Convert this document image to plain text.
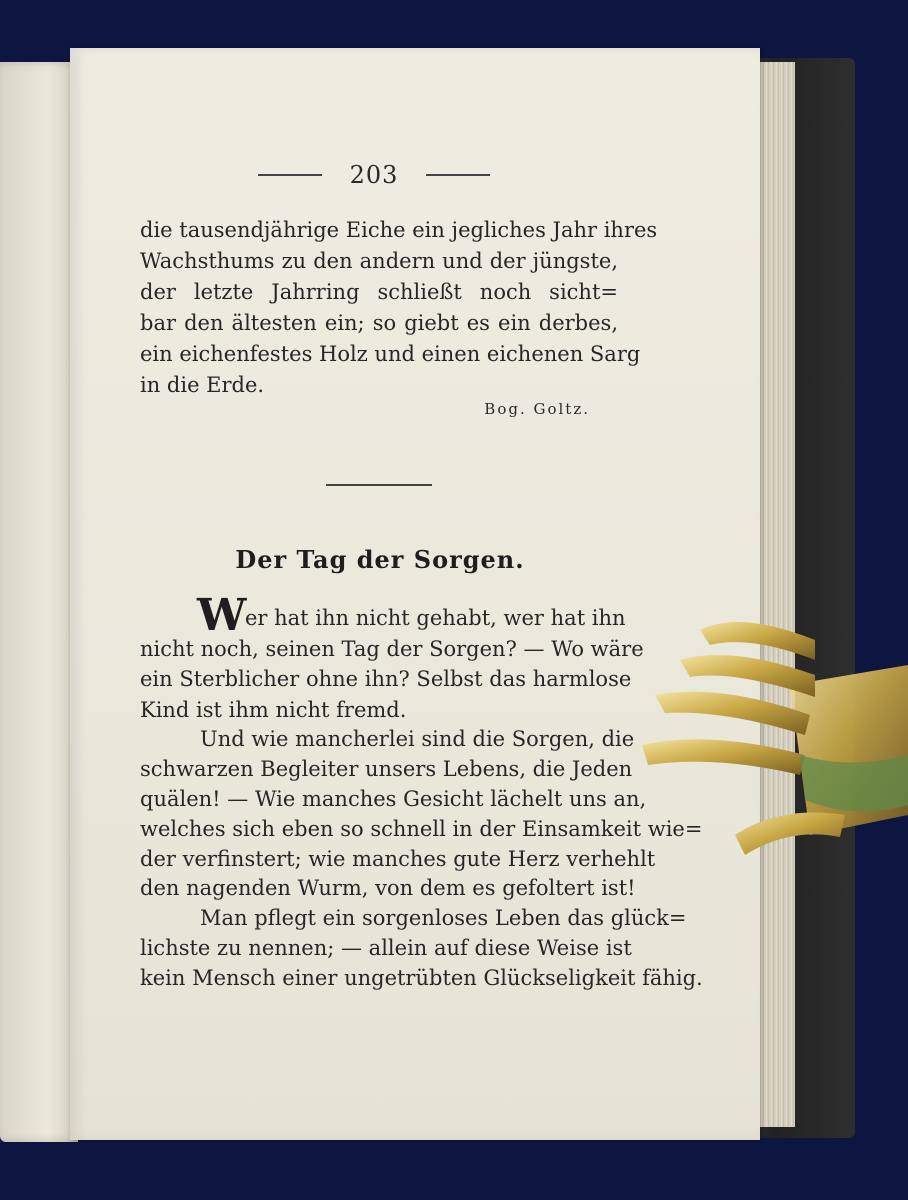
203
die tausendjährige Eiche ein jegliches Jahr ihres
Wachsthums zu den andern und der jüngste,
der letzte Jahrring schließt noch sicht=
bar den ältesten ein; so giebt es ein derbes,
ein eichenfestes Holz und einen eichenen Sarg
in die Erde.
Bog. Goltz.
Der Tag der Sorgen.
W
er hat ihn nicht gehabt, wer hat ihn
nicht noch, seinen Tag der Sorgen? — Wo wäre
ein Sterblicher ohne ihn? Selbst das harmlose
Kind ist ihm nicht fremd.
Und wie mancherlei sind die Sorgen, die
schwarzen Begleiter unsers Lebens, die Jeden
quälen! — Wie manches Gesicht lächelt uns an,
welches sich eben so schnell in der Einsamkeit wie=
der verfinstert; wie manches gute Herz verhehlt
den nagenden Wurm, von dem es gefoltert ist!
Man pflegt ein sorgenloses Leben das glück=
lichste zu nennen; — allein auf diese Weise ist
kein Mensch einer ungetrübten Glückseligkeit fähig.
